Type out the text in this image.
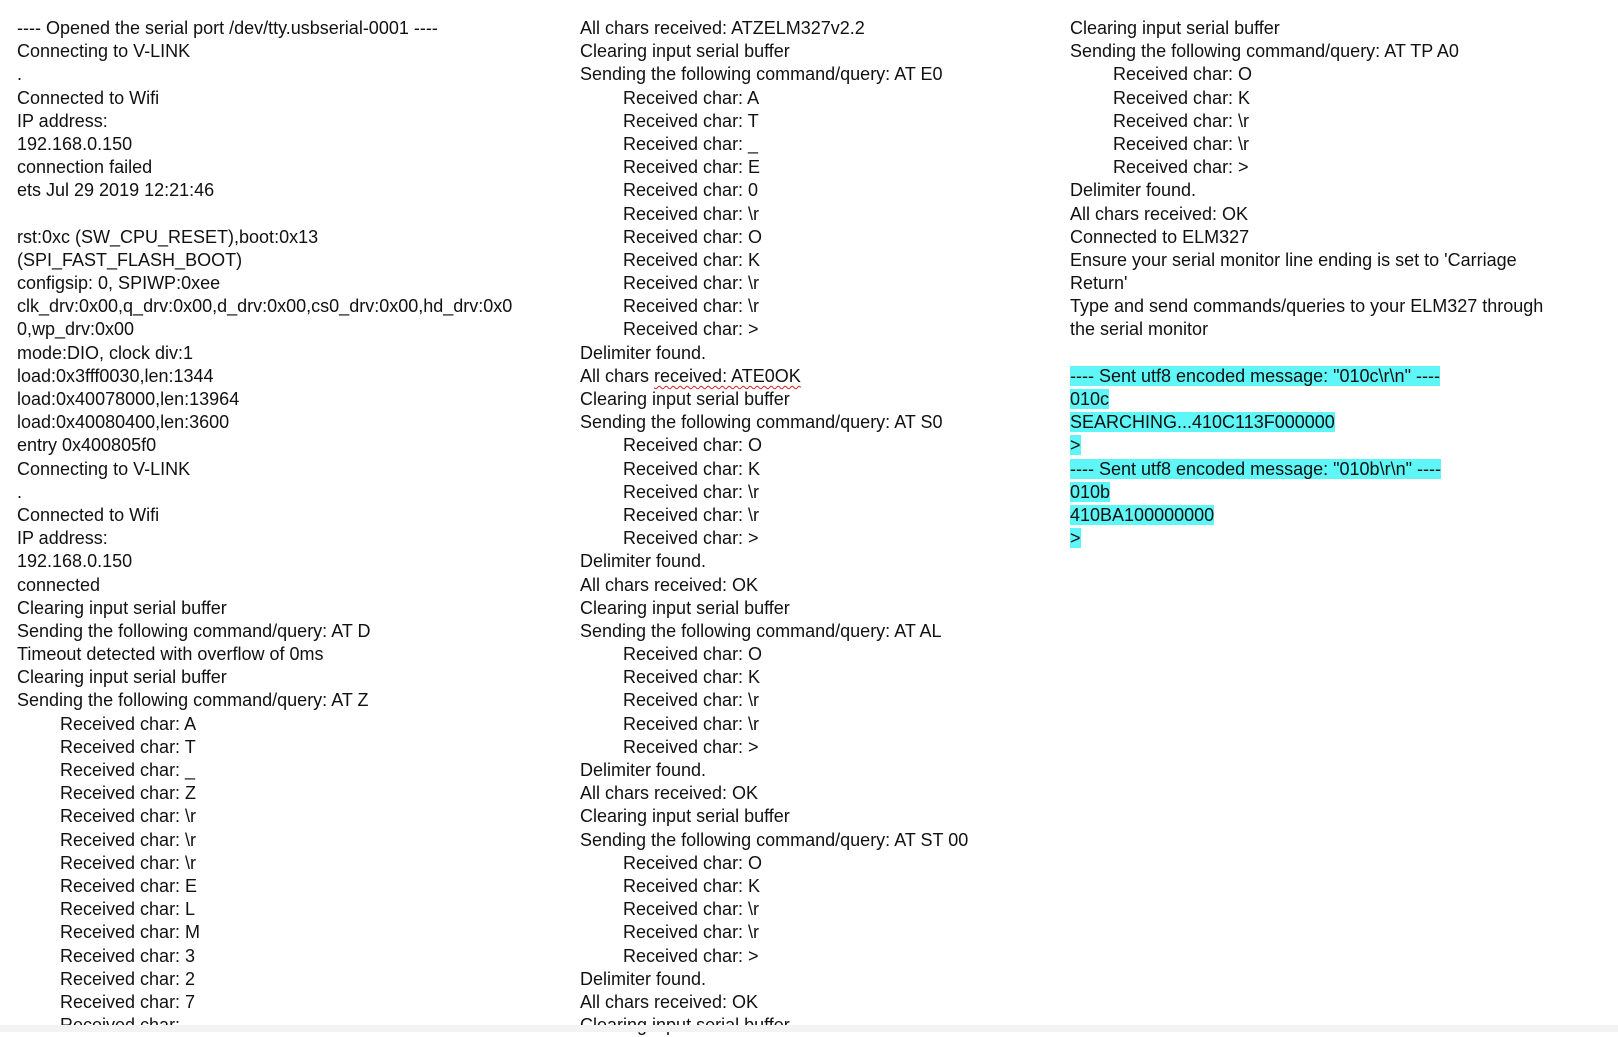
---- Opened the serial port /dev/tty.usbserial-0001 ----
Connecting to V-LINK
.
Connected to Wifi
IP address:
192.168.0.150
connection failed
ets Jul 29 2019 12:21:46
rst:0xc (SW_CPU_RESET),boot:0x13
(SPI_FAST_FLASH_BOOT)
configsip: 0, SPIWP:0xee
clk_drv:0x00,q_drv:0x00,d_drv:0x00,cs0_drv:0x00,hd_drv:0x0
0,wp_drv:0x00
mode:DIO, clock div:1
load:0x3fff0030,len:1344
load:0x40078000,len:13964
load:0x40080400,len:3600
entry 0x400805f0
Connecting to V-LINK
.
Connected to Wifi
IP address:
192.168.0.150
connected
Clearing input serial buffer
Sending the following command/query: AT D
Timeout detected with overflow of 0ms
Clearing input serial buffer
Sending the following command/query: AT Z
Received char: A
Received char: T
Received char: _
Received char: Z
Received char: \r
Received char: \r
Received char: \r
Received char: E
Received char: L
Received char: M
Received char: 3
Received char: 2
Received char: 7
All chars received: ATZELM327v2.2
Clearing input serial buffer
Sending the following command/query: AT E0
Received char: A
Received char: T
Received char: _
Received char: E
Received char: 0
Received char: \r
Received char: O
Received char: K
Received char: \r
Received char: \r
Received char: >
Delimiter found.
All chars received: ATE0OK
Clearing input serial buffer
Sending the following command/query: AT S0
Received char: O
Received char: K
Received char: \r
Received char: \r
Received char: >
Delimiter found.
All chars received: OK
Clearing input serial buffer
Sending the following command/query: AT AL
Received char: O
Received char: K
Received char: \r
Received char: \r
Received char: >
Delimiter found.
All chars received: OK
Clearing input serial buffer
Sending the following command/query: AT ST 00
Received char: O
Received char: K
Received char: \r
Received char: \r
Received char: >
Delimiter found.
All chars received: OK
Clearing input serial buffer
Sending the following command/query: AT TP A0
Received char: O
Received char: K
Received char: \r
Received char: \r
Received char: >
Delimiter found.
All chars received: OK
Connected to ELM327
Ensure your serial monitor line ending is set to 'Carriage
Return'
Type and send commands/queries to your ELM327 through
the serial monitor
---- Sent utf8 encoded message: "010c\r\n" ----
010c
SEARCHING...410C113F000000
>
---- Sent utf8 encoded message: "010b\r\n" ----
010b
410BA100000000
>
